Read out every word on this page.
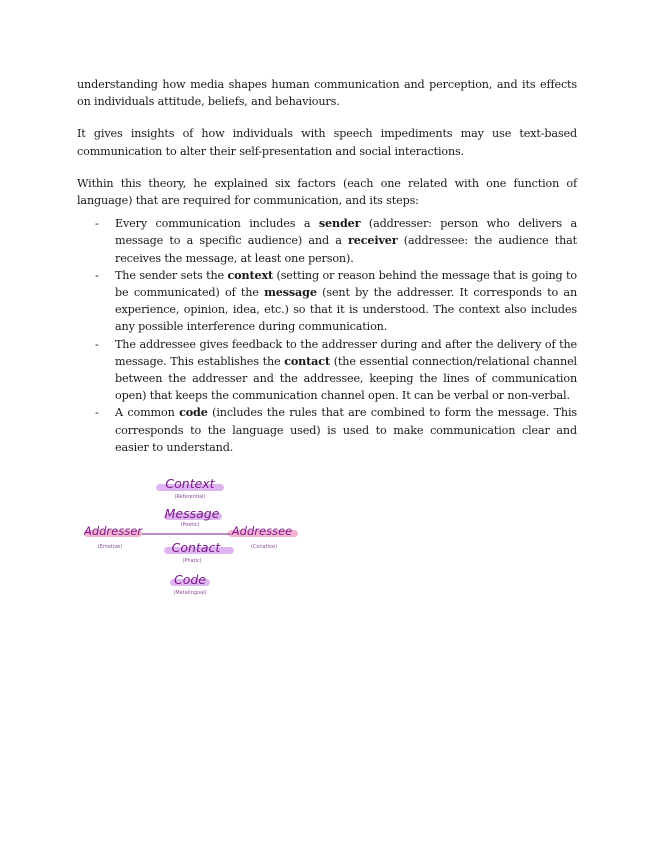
understanding how media shapes human communication and perception, and its effects on individuals attitude, beliefs, and behaviours.

It gives insights of how individuals with speech impediments may use text-based communication to alter their self-presentation and social interactions.

Within this theory, he explained six factors (each one related with one function of language) that are required for communication, and its steps:

- Every communication includes a sender (addresser: person who delivers a message to a specific audience) and a receiver (addressee: the audience that receives the message, at least one person).
- The sender sets the context (setting or reason behind the message that is going to be communicated) of the message (sent by the addresser. It corresponds to an experience, opinion, idea, etc.) so that it is understood. The context also includes any possible interference during communication.
- The addressee gives feedback to the addresser during and after the delivery of the message. This establishes the contact (the essential connection/relational channel between the addresser and the addressee, keeping the lines of communication open) that keeps the communication channel open. It can be verbal or non-verbal.
- A common code (includes the rules that are combined to form the message. This corresponds to the language used) is used to make communication clear and easier to understand.
Context
(Referential)
Message
(Poetic)
Addresser
(Emotive)
Addressee
(Conative)
Contact
(Phatic)
Code
(Metalingual)
